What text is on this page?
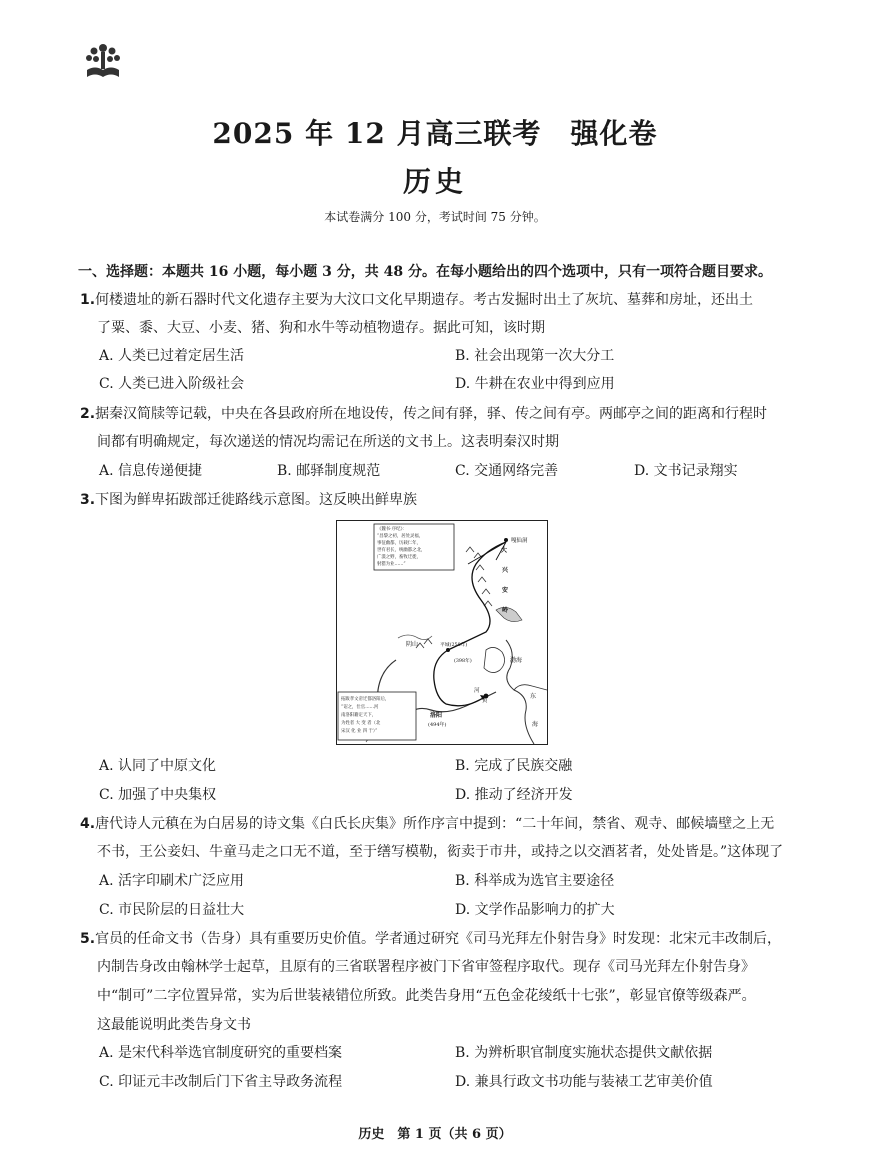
2025 年 12 月高三联考　强化卷
历史
本试卷满分 100 分，考试时间 75 分钟。
一、选择题：本题共 16 小题，每小题 3 分，共 48 分。在每小题给出的四个选项中，只有一项符合题目要求。
1.何楼遗址的新石器时代文化遗存主要为大汶口文化早期遗存。考古发掘时出土了灰坑、墓葬和房址，还出土
了粟、黍、大豆、小麦、猪、狗和水牛等动植物遗存。据此可知，该时期
A. 人类已过着定居生活	B. 社会出现第一次大分工
C. 人类已进入阶级社会	D. 牛耕在农业中得到应用
2.据秦汉简牍等记载，中央在各县政府所在地设传，传之间有驿，驿、传之间有亭。两邮亭之间的距离和行程时
间都有明确规定，每次递送的情况均需记在所送的文书上。这表明秦汉时期
A. 信息传递便捷	B. 邮驿制度规范	C. 交通网络完善	D. 文书记录翔实
3.下图为鲜卑拓跋部迁徙路线示意图。这反映出鲜卑族
《魏书·序纪》：
“昌黎之初，居处灵福，
事征幽都，历载仁年，
世有君长，统幽都之北，
广漠之野，畜牧迁徙，
射猎为业……”
拓跋孝文帝迁都洛阳后，
“诏之，仕官……河
南洛阳籍定天下，
为姓者 大 变 者（北
宋汉 化 业 四 于）”
嘎仙洞
大
兴
安
岭
阴山	平城(258年)
(398年)
洛阳
(494年)
渤海
东
海
河
黄
A. 认同了中原文化	B. 完成了民族交融
C. 加强了中央集权	D. 推动了经济开发
4.唐代诗人元稹在为白居易的诗文集《白氏长庆集》所作序言中提到：“二十年间，禁省、观寺、邮候墙壁之上无
不书，王公妾妇、牛童马走之口无不道，至于缮写模勒，衒卖于市井，或持之以交酒茗者，处处皆是。”这体现了
A. 活字印刷术广泛应用	B. 科举成为选官主要途径
C. 市民阶层的日益壮大	D. 文学作品影响力的扩大
5.官员的任命文书（告身）具有重要历史价值。学者通过研究《司马光拜左仆射告身》时发现：北宋元丰改制后，
内制告身改由翰林学士起草，且原有的三省联署程序被门下省审签程序取代。现存《司马光拜左仆射告身》
中“制可”二字位置异常，实为后世装裱错位所致。此类告身用“五色金花绫纸十七张”，彰显官僚等级森严。
这最能说明此类告身文书
A. 是宋代科举选官制度研究的重要档案	B. 为辨析职官制度实施状态提供文献依据
C. 印证元丰改制后门下省主导政务流程	D. 兼具行政文书功能与装裱工艺审美价值
历史　第 1 页（共 6 页）
